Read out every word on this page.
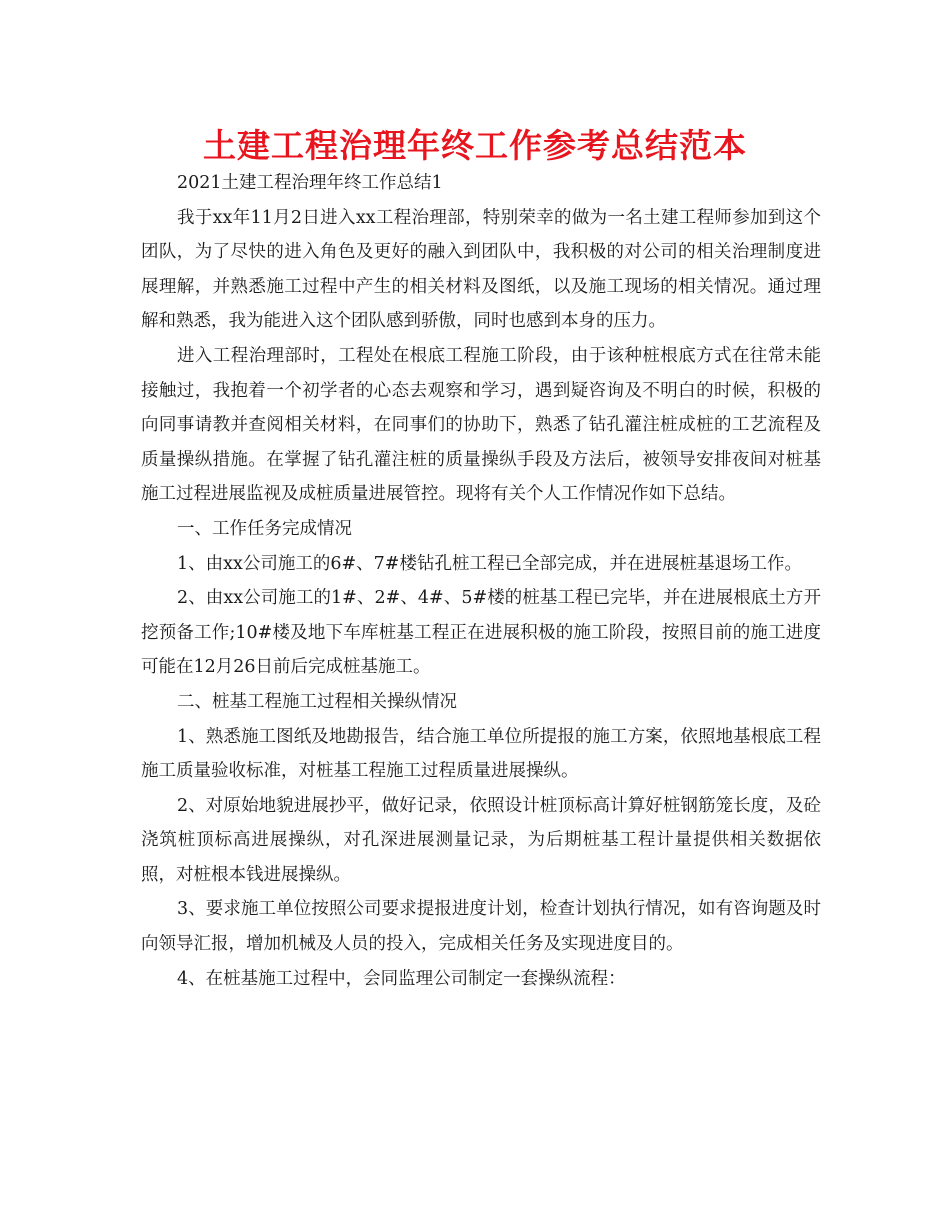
土建工程治理年终工作参考总结范本

2021土建工程治理年终工作总结1

我于xx年11月2日进入xx工程治理部，特别荣幸的做为一名土建工程师参加到这个团队，为了尽快的进入角色及更好的融入到团队中，我积极的对公司的相关治理制度进展理解，并熟悉施工过程中产生的相关材料及图纸，以及施工现场的相关情况。通过理解和熟悉，我为能进入这个团队感到骄傲，同时也感到本身的压力。

进入工程治理部时，工程处在根底工程施工阶段，由于该种桩根底方式在往常未能接触过，我抱着一个初学者的心态去观察和学习，遇到疑咨询及不明白的时候，积极的向同事请教并查阅相关材料，在同事们的协助下，熟悉了钻孔灌注桩成桩的工艺流程及质量操纵措施。在掌握了钻孔灌注桩的质量操纵手段及方法后，被领导安排夜间对桩基施工过程进展监视及成桩质量进展管控。现将有关个人工作情况作如下总结。

一、工作任务完成情况

1、由xx公司施工的6#、7#楼钻孔桩工程已全部完成，并在进展桩基退场工作。

2、由xx公司施工的1#、2#、4#、5#楼的桩基工程已完毕，并在进展根底土方开挖预备工作;10#楼及地下车库桩基工程正在进展积极的施工阶段，按照目前的施工进度可能在12月26日前后完成桩基施工。

二、桩基工程施工过程相关操纵情况

1、熟悉施工图纸及地勘报告，结合施工单位所提报的施工方案，依照地基根底工程施工质量验收标准，对桩基工程施工过程质量进展操纵。

2、对原始地貌进展抄平，做好记录，依照设计桩顶标高计算好桩钢筋笼长度，及砼浇筑桩顶标高进展操纵，对孔深进展测量记录，为后期桩基工程计量提供相关数据依照，对桩根本钱进展操纵。

3、要求施工单位按照公司要求提报进度计划，检查计划执行情况，如有咨询题及时向领导汇报，增加机械及人员的投入，完成相关任务及实现进度目的。

4、在桩基施工过程中，会同监理公司制定一套操纵流程：
